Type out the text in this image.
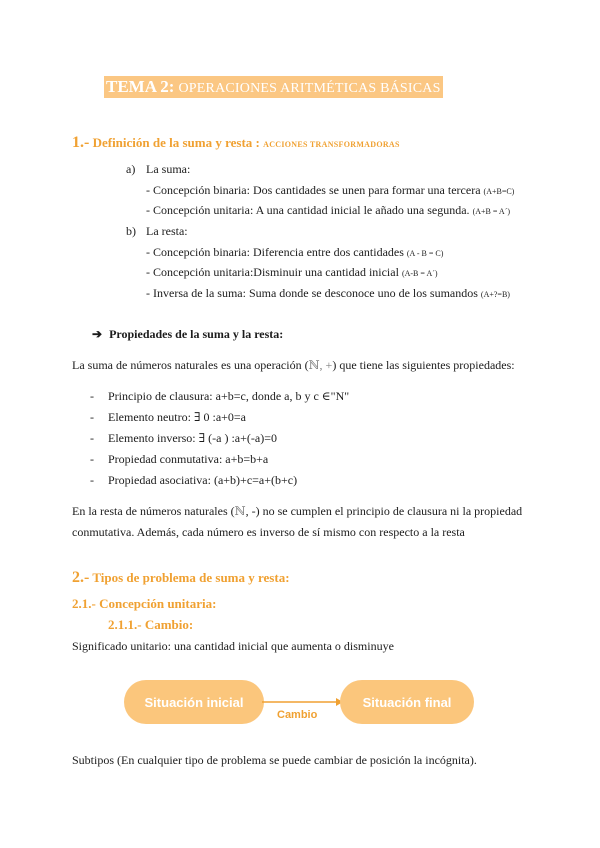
TEMA 2: OPERACIONES ARITMÉTICAS BÁSICAS
1.- Definición de la suma y resta : ACCIONES TRANSFORMADORAS
a) La suma:
- Concepción binaria: Dos cantidades se unen para formar una tercera (A+B=C)
- Concepción unitaria: A una cantidad inicial le añado una segunda. (A+B = A´)
b) La resta:
- Concepción binaria: Diferencia entre dos cantidades (A - B = C)
- Concepción unitaria:Disminuir una cantidad inicial (A-B = A´)
- Inversa de la suma: Suma donde se desconoce uno de los sumandos (A+?=B)
➔ Propiedades de la suma y la resta:
La suma de números naturales es una operación (ℕ, +) que tiene las siguientes propiedades:
- Principio de clausura: a+b=c, donde a, b y c ∈"N"
- Elemento neutro: ∃ 0 :a+0=a
- Elemento inverso: ∃ (-a ) :a+(-a)=0
- Propiedad conmutativa: a+b=b+a
- Propiedad asociativa: (a+b)+c=a+(b+c)
En la resta de números naturales (ℕ, -) no se cumplen el principio de clausura ni la propiedad
conmutativa. Además, cada número es inverso de sí mismo con respecto a la resta
2.- Tipos de problema de suma y resta:
2.1.- Concepción unitaria:
2.1.1.- Cambio:
Significado unitario: una cantidad inicial que aumenta o disminuye
Situación inicial
Cambio
Situación final
Subtipos (En cualquier tipo de problema se puede cambiar de posición la incógnita).
